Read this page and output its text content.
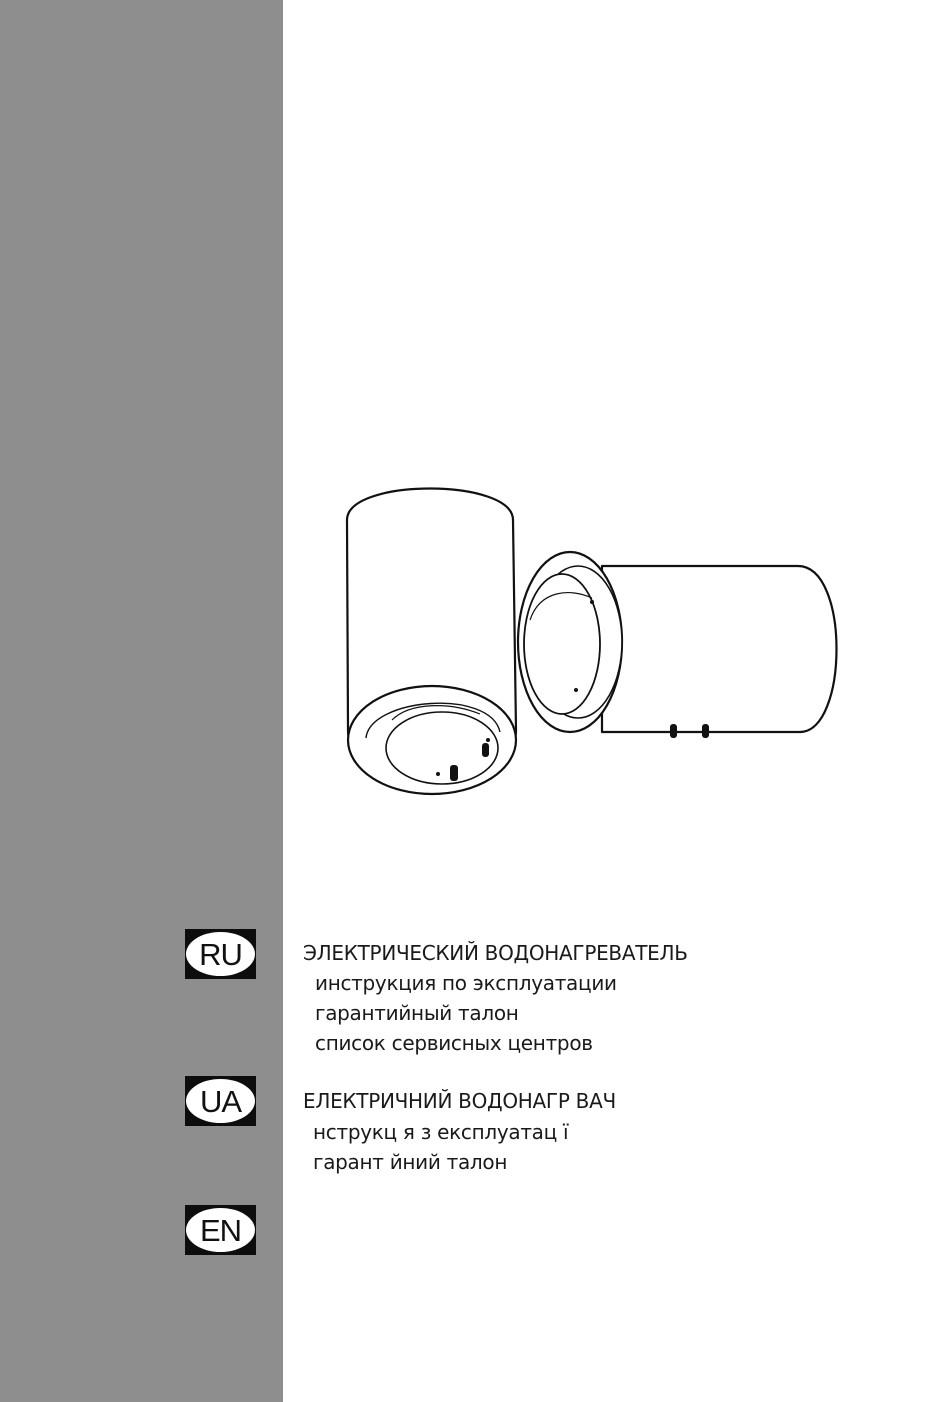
RU	ЭЛЕКТРИЧЕСКИЙ ВОДОНАГРЕВАТЕЛЬ
инструкция по эксплуатации
гарантийный талон
список сервисных центров
UA	ЕЛЕКТРИЧНИЙ ВОДОНАГР ВАЧ
нструкц я з експлуатац ї
гарант йний талон
EN
